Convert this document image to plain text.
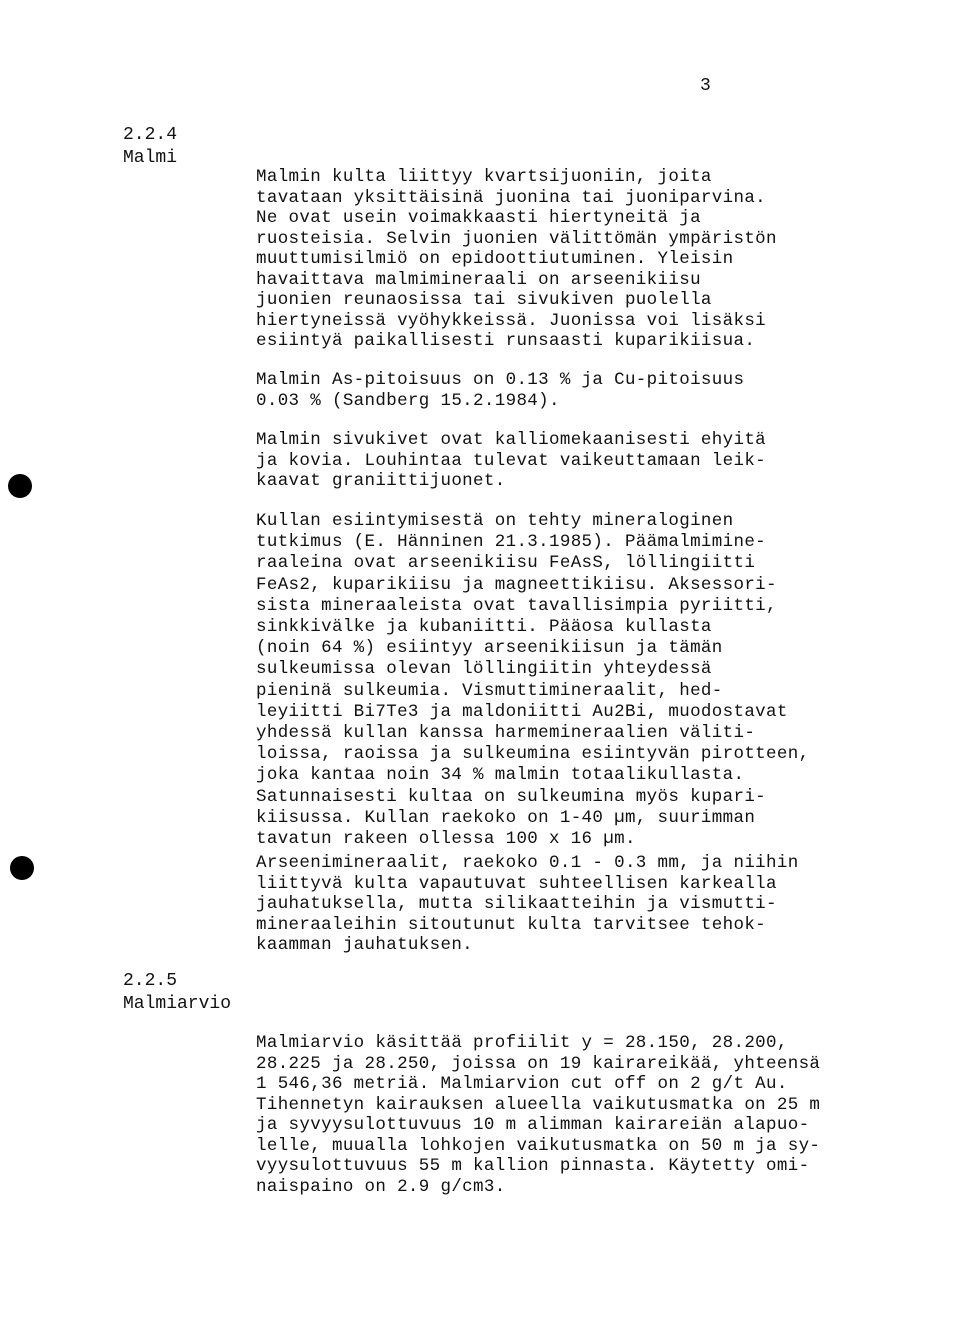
3
2.2.4
Malmi

Malmin kulta liittyy kvartsijuoniin, joita
tavataan yksittäisinä juonina tai juoniparvina.
Ne ovat usein voimakkaasti hiertyneitä ja
ruosteisia. Selvin juonien välittömän ympäristön
muuttumisilmiö on epidoottiutuminen. Yleisin
havaittava malmimineraali on arseenikiisu
juonien reunaosissa tai sivukiven puolella
hiertyneissä vyöhykkeissä. Juonissa voi lisäksi
esiintyä paikallisesti runsaasti kuparikiisua.

Malmin As-pitoisuus on 0.13 % ja Cu-pitoisuus
0.03 % (Sandberg 15.2.1984).

Malmin sivukivet ovat kalliomekaanisesti ehyitä
ja kovia. Louhintaa tulevat vaikeuttamaan leik-
kaavat graniittijuonet.

Kullan esiintymisestä on tehty mineraloginen
tutkimus (E. Hänninen 21.3.1985). Päämalmimine-
raaleina ovat arseenikiisu FeAsS, löllingiitti
FeAs2, kuparikiisu ja magneettikiisu. Aksessori-
sista mineraaleista ovat tavallisimpia pyriitti,
sinkkivälke ja kubaniitti. Pääosa kullasta
(noin 64 %) esiintyy arseenikiisun ja tämän
sulkeumissa olevan löllingiitin yhteydessä
pieninä sulkeumia. Vismuttimineraalit, hed-
leyiitti Bi7Te3 ja maldoniitti Au2Bi, muodostavat
yhdessä kullan kanssa harmemineraalien väliti-
loissa, raoissa ja sulkeumina esiintyvän pirotteen,
joka kantaa noin 34 % malmin totaalikullasta.
Satunnaisesti kultaa on sulkeumina myös kupari-
kiisussa. Kullan raekoko on 1-40 µm, suurimman
tavatun rakeen ollessa 100 x 16 µm.

Arseenimineraalit, raekoko 0.1 - 0.3 mm, ja niihin
liittyvä kulta vapautuvat suhteellisen karkealla
jauhatuksella, mutta silikaatteihin ja vismutti-
mineraaleihin sitoutunut kulta tarvitsee tehok-
kaamman jauhatuksen.

2.2.5
Malmiarvio

Malmiarvio käsittää profiilit y = 28.150, 28.200,
28.225 ja 28.250, joissa on 19 kairareikää, yhteensä
1 546,36 metriä. Malmiarvion cut off on 2 g/t Au.
Tihennetyn kairauksen alueella vaikutusmatka on 25 m
ja syvyysulottuvuus 10 m alimman kairareiän alapuo-
lelle, muualla lohkojen vaikutusmatka on 50 m ja sy-
vyysulottuvuus 55 m kallion pinnasta. Käytetty omi-
naispaino on 2.9 g/cm3.
